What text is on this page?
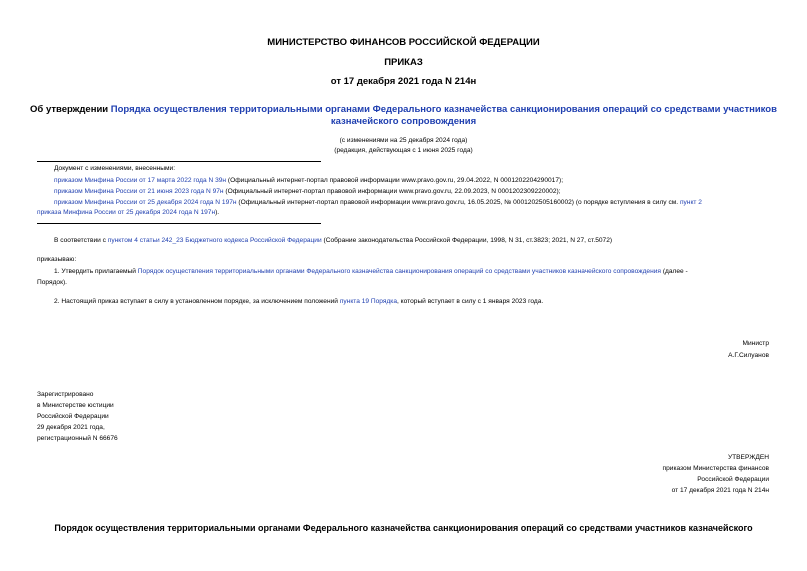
МИНИСТЕРСТВО ФИНАНСОВ РОССИЙСКОЙ ФЕДЕРАЦИИ
ПРИКАЗ
от 17 декабря 2021 года N 214н
Об утверждении Порядка осуществления территориальными органами Федерального казначейства санкционирования операций со средствами участников
казначейского сопровождения
(с изменениями на 25 декабря 2024 года)
(редакция, действующая с 1 июня 2025 года)
Документ с изменениями, внесенными:
приказом Минфина России от 17 марта 2022 года N 39н (Официальный интернет-портал правовой информации www.pravo.gov.ru, 29.04.2022, N 0001202204290017);
приказом Минфина России от 21 июня 2023 года N 97н (Официальный интернет-портал правовой информации www.pravo.gov.ru, 22.09.2023, N 0001202309220002);
приказом Минфина России от 25 декабря 2024 года N 197н (Официальный интернет-портал правовой информации www.pravo.gov.ru, 16.05.2025, № 0001202505160002) (о порядке вступления в силу см. пункт 2
приказа Минфина России от 25 декабря 2024 года N 197н).
В соответствии с пунктом 4 статьи 242_23 Бюджетного кодекса Российской Федерации (Собрание законодательства Российской Федерации, 1998, N 31, ст.3823; 2021, N 27, ст.5072)
приказываю:
1. Утвердить прилагаемый Порядок осуществления территориальными органами Федерального казначейства санкционирования операций со средствами участников казначейского сопровождения (далее -
Порядок).
2. Настоящий приказ вступает в силу в установленном порядке, за исключением положений пункта 19 Порядка, который вступает в силу с 1 января 2023 года.
Министр
А.Г.Силуанов
Зарегистрировано
в Министерстве юстиции
Российской Федерации
29 декабря 2021 года,
регистрационный N 66676
УТВЕРЖДЕН
приказом Министерства финансов
Российской Федерации
от 17 декабря 2021 года N 214н
Порядок осуществления территориальными органами Федерального казначейства санкционирования операций со средствами участников казначейского
